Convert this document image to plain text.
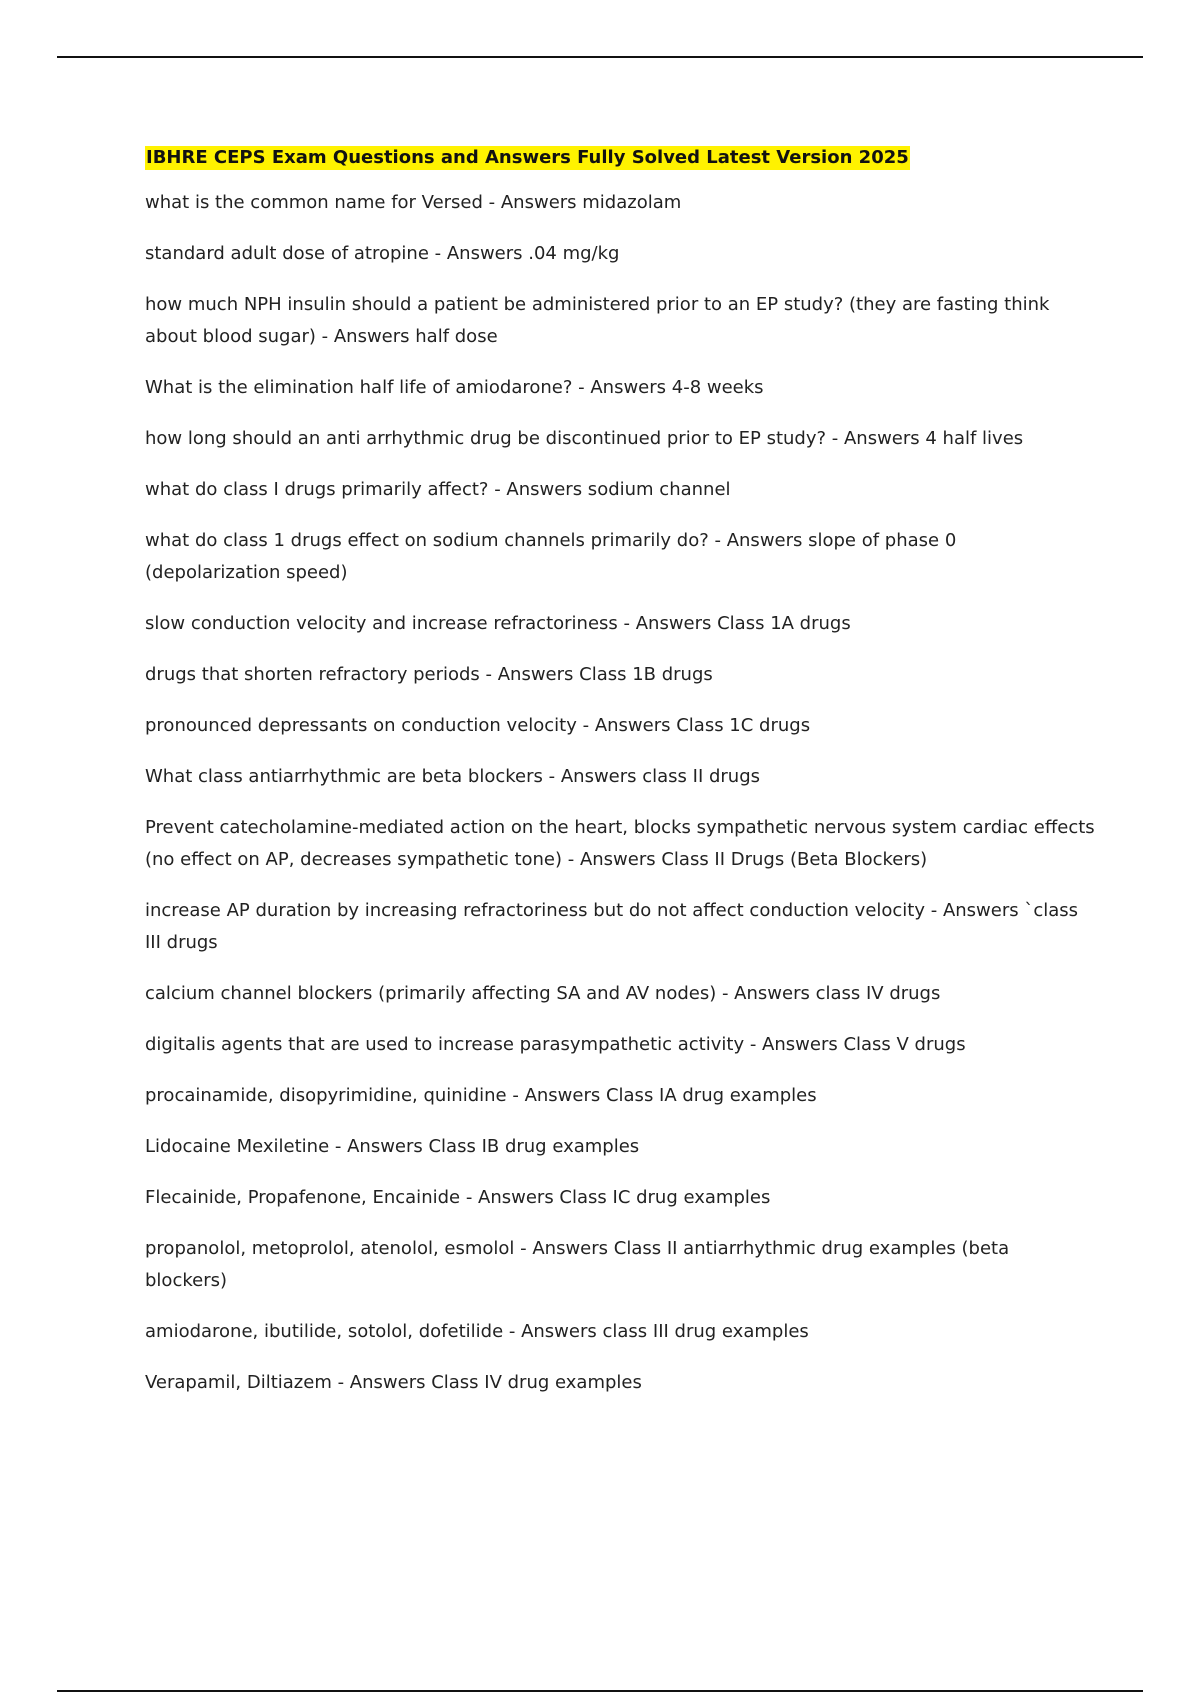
IBHRE CEPS Exam Questions and Answers Fully Solved Latest Version 2025
what is the common name for Versed - Answers midazolam
standard adult dose of atropine - Answers .04 mg/kg
how much NPH insulin should a patient be administered prior to an EP study? (they are fasting think about blood sugar) - Answers half dose
What is the elimination half life of amiodarone? - Answers 4-8 weeks
how long should an anti arrhythmic drug be discontinued prior to EP study? - Answers 4 half lives
what do class I drugs primarily affect? - Answers sodium channel
what do class 1 drugs effect on sodium channels primarily do? - Answers slope of phase 0 (depolarization speed)
slow conduction velocity and increase refractoriness - Answers Class 1A drugs
drugs that shorten refractory periods - Answers Class 1B drugs
pronounced depressants on conduction velocity - Answers Class 1C drugs
What class antiarrhythmic are beta blockers - Answers class II drugs
Prevent catecholamine-mediated action on the heart, blocks sympathetic nervous system cardiac effects (no effect on AP, decreases sympathetic tone) - Answers Class II Drugs (Beta Blockers)
increase AP duration by increasing refractoriness but do not affect conduction velocity - Answers `class III drugs
calcium channel blockers (primarily affecting SA and AV nodes) - Answers class IV drugs
digitalis agents that are used to increase parasympathetic activity - Answers Class V drugs
procainamide, disopyrimidine, quinidine - Answers Class IA drug examples
Lidocaine Mexiletine - Answers Class IB drug examples
Flecainide, Propafenone, Encainide - Answers Class IC drug examples
propanolol, metoprolol, atenolol, esmolol - Answers Class II antiarrhythmic drug examples (beta blockers)
amiodarone, ibutilide, sotolol, dofetilide - Answers class III drug examples
Verapamil, Diltiazem - Answers Class IV drug examples
